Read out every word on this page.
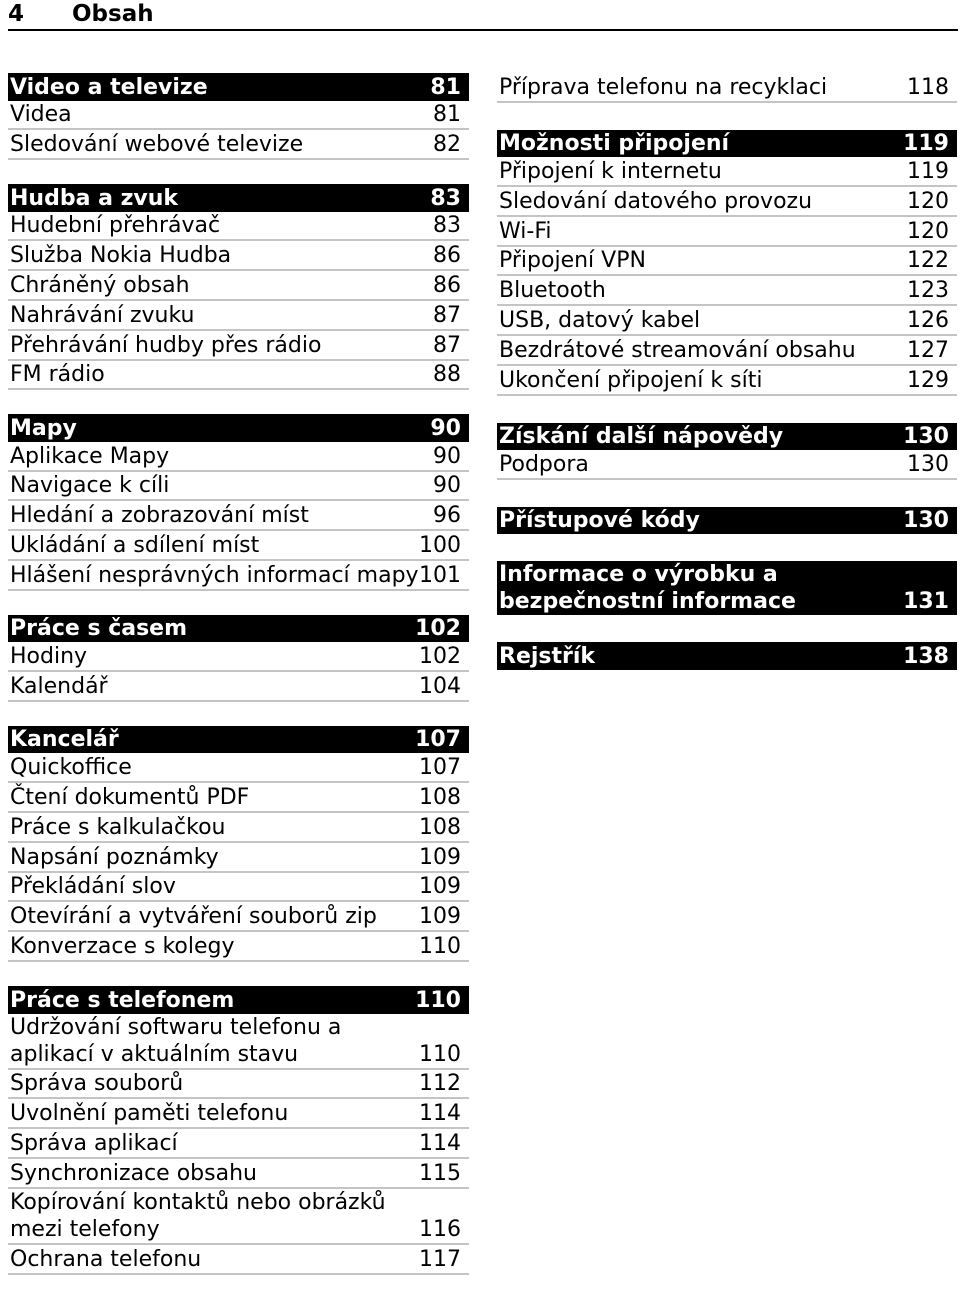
4 Obsah
Video a televize	81
Videa	81
Sledování webové televize	82
Hudba a zvuk	83
Hudební přehrávač	83
Služba Nokia Hudba	86
Chráněný obsah	86
Nahrávání zvuku	87
Přehrávání hudby přes rádio	87
FM rádio	88
Mapy	90
Aplikace Mapy	90
Navigace k cíli	90
Hledání a zobrazování míst	96
Ukládání a sdílení míst	100
Hlášení nesprávných informací mapy 101
Práce s časem	102
Hodiny	102
Kalendář	104
Kancelář	107
Quickoffice	107
Čtení dokumentů PDF	108
Práce s kalkulačkou	108
Napsání poznámky	109
Překládání slov	109
Otevírání a vytváření souborů zip 109
Konverzace s kolegy	110
Práce s telefonem	110
Udržování softwaru telefonu a aplikací v aktuálním stavu	110
Správa souborů	112
Uvolnění paměti telefonu	114
Správa aplikací	114
Synchronizace obsahu	115
Kopírování kontaktů nebo obrázků mezi telefony	116
Ochrana telefonu	117
Příprava telefonu na recyklaci	118
Možnosti připojení	119
Připojení k internetu	119
Sledování datového provozu	120
Wi-Fi	120
Připojení VPN	122
Bluetooth	123
USB, datový kabel	126
Bezdrátové streamování obsahu 127
Ukončení připojení k síti	129
Získání další nápovědy	130
Podpora	130
Přístupové kódy	130
Informace o výrobku a bezpečnostní informace	131
Rejstřík	138
